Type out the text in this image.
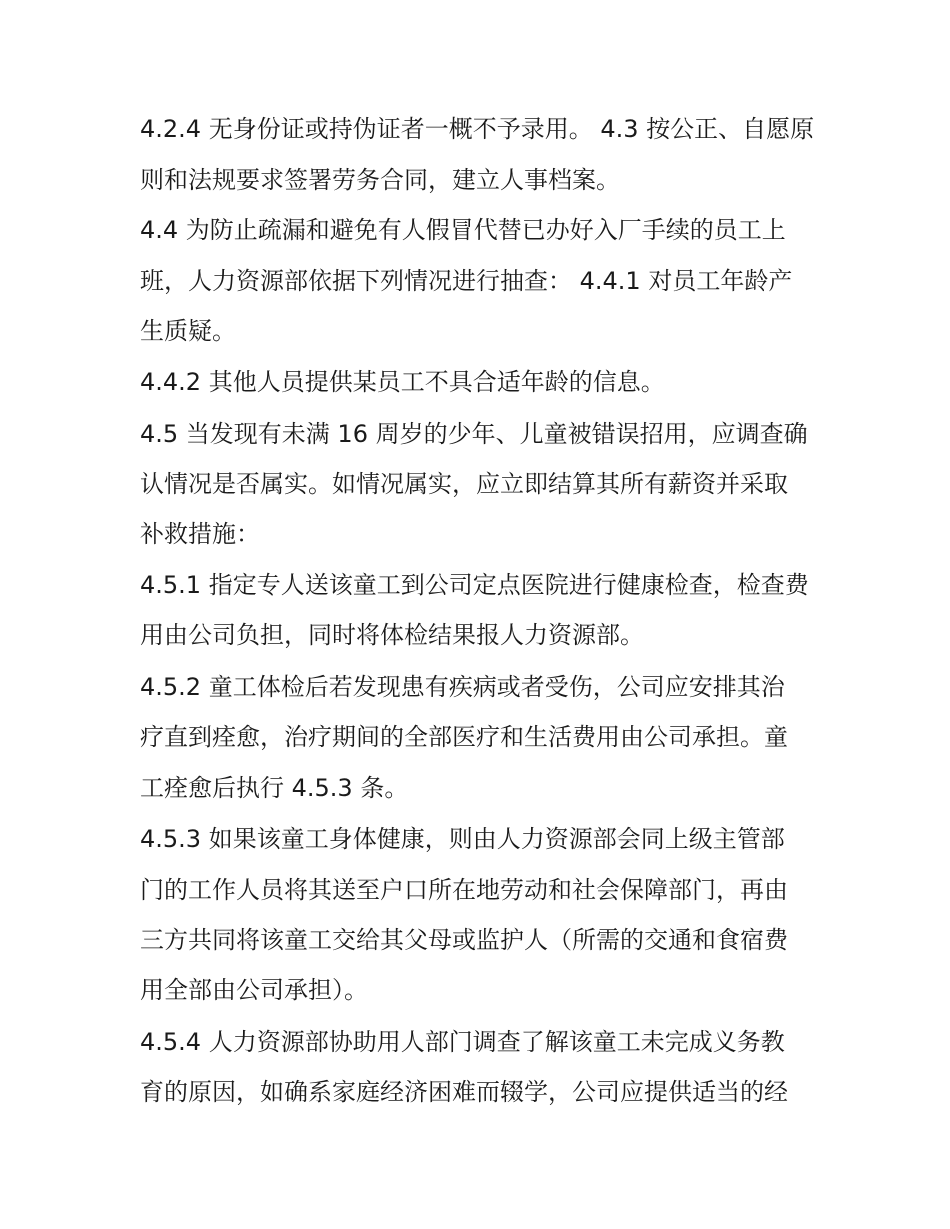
4.2.4 无身份证或持伪证者一概不予录用。 4.3 按公正、自愿原
则和法规要求签署劳务合同，建立人事档案。
4.4 为防止疏漏和避免有人假冒代替已办好入厂手续的员工上
班，人力资源部依据下列情况进行抽查： 4.4.1 对员工年龄产
生质疑。
4.4.2 其他人员提供某员工不具合适年龄的信息。
4.5 当发现有未满 16 周岁的少年、儿童被错误招用，应调查确
认情况是否属实。如情况属实，应立即结算其所有薪资并采取
补救措施：
4.5.1 指定专人送该童工到公司定点医院进行健康检查，检查费
用由公司负担，同时将体检结果报人力资源部。
4.5.2 童工体检后若发现患有疾病或者受伤，公司应安排其治
疗直到痊愈，治疗期间的全部医疗和生活费用由公司承担。童
工痊愈后执行 4.5.3 条。
4.5.3 如果该童工身体健康，则由人力资源部会同上级主管部
门的工作人员将其送至户口所在地劳动和社会保障部门，再由
三方共同将该童工交给其父母或监护人（所需的交通和食宿费
用全部由公司承担）。
4.5.4 人力资源部协助用人部门调查了解该童工未完成义务教
育的原因，如确系家庭经济困难而辍学，公司应提供适当的经
